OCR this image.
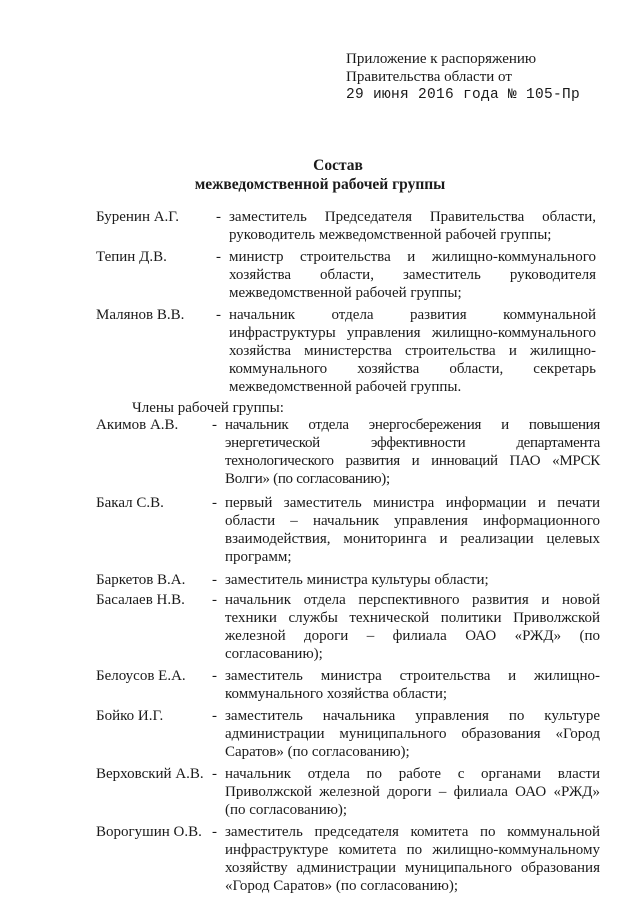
Приложение к распоряжению
Правительства области от
29 июня 2016 года № 105-Пр
Состав
межведомственной рабочей группы
Буренин А.Г.	- заместитель Председателя Правительства области, руководитель межведомственной рабочей группы;
Тепин Д.В.	- министр строительства и жилищно-коммунального хозяйства области, заместитель руководителя межведомственной рабочей группы;
Малянов В.В.	- начальник отдела развития коммунальной инфраструктуры управления жилищно-коммунального хозяйства министерства строительства и жилищно-коммунального хозяйства области, секретарь межведомственной рабочей группы.
Члены рабочей группы:
Акимов А.В.	- начальник отдела энергосбережения и повышения энергетической эффективности департамента технологического развития и инноваций ПАО «МРСК Волги» (по согласованию);
Бакал С.В.	- первый заместитель министра информации и печати области – начальник управления информационного взаимодействия, мониторинга и реализации целевых программ;
Баркетов В.А.	- заместитель министра культуры области;
Басалаев Н.В.	- начальник отдела перспективного развития и новой техники службы технической политики Приволжской железной дороги – филиала ОАО «РЖД» (по согласованию);
Белоусов Е.А.	- заместитель министра строительства и жилищно-коммунального хозяйства области;
Бойко И.Г.	- заместитель начальника управления по культуре администрации муниципального образования «Город Саратов» (по согласованию);
Верховский А.В. - начальник отдела по работе с органами власти Приволжской железной дороги – филиала ОАО «РЖД» (по согласованию);
Ворогушин О.В. - заместитель председателя комитета по коммунальной инфраструктуре комитета по жилищно-коммунальному хозяйству администрации муниципального образования «Город Саратов» (по согласованию);
